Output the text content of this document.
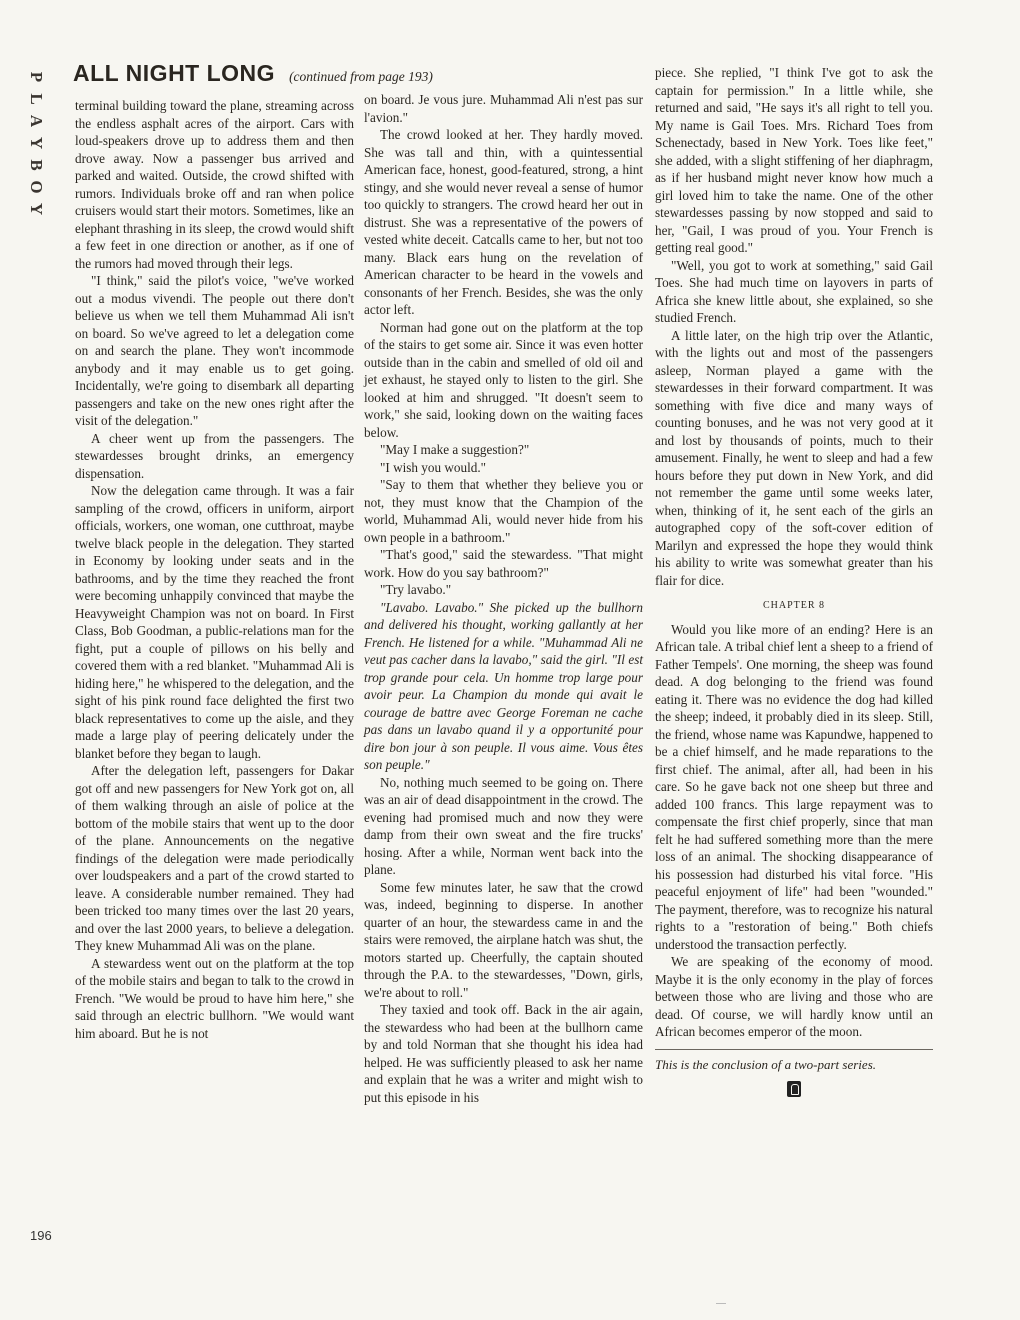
P
L
A
Y
B
O
Y
ALL NIGHT LONG (continued from page 193)

terminal building toward the plane, streaming across the endless asphalt acres of the airport. Cars with loud-speakers drove up to address them and then drove away. Now a passenger bus arrived and parked and waited. Outside, the crowd shifted with rumors. Individuals broke off and ran when police cruisers would start their motors. Sometimes, like an elephant thrashing in its sleep, the crowd would shift a few feet in one direction or another, as if one of the rumors had moved through their legs.

"I think," said the pilot's voice, "we've worked out a modus vivendi. The people out there don't believe us when we tell them Muhammad Ali isn't on board. So we've agreed to let a delegation come on and search the plane. They won't incommode anybody and it may enable us to get going. Incidentally, we're going to disembark all departing passengers and take on the new ones right after the visit of the delegation."

A cheer went up from the passengers. The stewardesses brought drinks, an emergency dispensation.

Now the delegation came through. It was a fair sampling of the crowd, officers in uniform, airport officials, workers, one woman, one cutthroat, maybe twelve black people in the delegation. They started in Economy by looking under seats and in the bathrooms, and by the time they reached the front were becoming unhappily convinced that maybe the Heavyweight Champion was not on board. In First Class, Bob Goodman, a public-relations man for the fight, put a couple of pillows on his belly and covered them with a red blanket. "Muhammad Ali is hiding here," he whispered to the delegation, and the sight of his pink round face delighted the first two black representatives to come up the aisle, and they made a large play of peering delicately under the blanket before they began to laugh.

After the delegation left, passengers for Dakar got off and new passengers for New York got on, all of them walking through an aisle of police at the bottom of the mobile stairs that went up to the door of the plane. Announcements on the negative findings of the delegation were made periodically over loudspeakers and a part of the crowd started to leave. A considerable number remained. They had been tricked too many times over the last 20 years, and over the last 2000 years, to believe a delegation. They knew Muhammad Ali was on the plane.

A stewardess went out on the platform at the top of the mobile stairs and began to talk to the crowd in French. "We would be proud to have him here," she said through an electric bullhorn. "We would want him aboard. But he is not

on board. Je vous jure. Muhammad Ali n'est pas sur l'avion."

The crowd looked at her. They hardly moved. She was tall and thin, with a quintessential American face, honest, good-featured, strong, a hint stingy, and she would never reveal a sense of humor too quickly to strangers. The crowd heard her out in distrust. She was a representative of the powers of vested white deceit. Catcalls came to her, but not too many. Black ears hung on the revelation of American character to be heard in the vowels and consonants of her French. Besides, she was the only actor left.

Norman had gone out on the platform at the top of the stairs to get some air. Since it was even hotter outside than in the cabin and smelled of old oil and jet exhaust, he stayed only to listen to the girl. She looked at him and shrugged. "It doesn't seem to work," she said, looking down on the waiting faces below.

"May I make a suggestion?"

"I wish you would."

"Say to them that whether they believe you or not, they must know that the Champion of the world, Muhammad Ali, would never hide from his own people in a bathroom."

"That's good," said the stewardess. "That might work. How do you say bathroom?"

"Try lavabo."

"Lavabo. Lavabo." She picked up the bullhorn and delivered his thought, working gallantly at her French. He listened for a while. "Muhammad Ali ne veut pas cacher dans la lavabo," said the girl. "Il est trop grande pour cela. Un homme trop large pour avoir peur. La Champion du monde qui avait le courage de battre avec George Foreman ne cache pas dans un lavabo quand il y a opportunité pour dire bon jour à son peuple. Il vous aime. Vous êtes son peuple."

No, nothing much seemed to be going on. There was an air of dead disappointment in the crowd. The evening had promised much and now they were damp from their own sweat and the fire trucks' hosing. After a while, Norman went back into the plane.

Some few minutes later, he saw that the crowd was, indeed, beginning to disperse. In another quarter of an hour, the stewardess came in and the stairs were removed, the airplane hatch was shut, the motors started up. Cheerfully, the captain shouted through the P.A. to the stewardesses, "Down, girls, we're about to roll."

They taxied and took off. Back in the air again, the stewardess who had been at the bullhorn came by and told Norman that she thought his idea had helped. He was sufficiently pleased to ask her name and explain that he was a writer and might wish to put this episode in his

piece. She replied, "I think I've got to ask the captain for permission." In a little while, she returned and said, "He says it's all right to tell you. My name is Gail Toes. Mrs. Richard Toes from Schenectady, based in New York. Toes like feet," she added, with a slight stiffening of her diaphragm, as if her husband might never know how much a girl loved him to take the name. One of the other stewardesses passing by now stopped and said to her, "Gail, I was proud of you. Your French is getting real good."

"Well, you got to work at something," said Gail Toes. She had much time on layovers in parts of Africa she knew little about, she explained, so she studied French.

A little later, on the high trip over the Atlantic, with the lights out and most of the passengers asleep, Norman played a game with the stewardesses in their forward compartment. It was something with five dice and many ways of counting bonuses, and he was not very good at it and lost by thousands of points, much to their amusement. Finally, he went to sleep and had a few hours before they put down in New York, and did not remember the game until some weeks later, when, thinking of it, he sent each of the girls an autographed copy of the soft-cover edition of Marilyn and expressed the hope they would think his ability to write was somewhat greater than his flair for dice.

CHAPTER 8

Would you like more of an ending? Here is an African tale. A tribal chief lent a sheep to a friend of Father Tempels'. One morning, the sheep was found dead. A dog belonging to the friend was found eating it. There was no evidence the dog had killed the sheep; indeed, it probably died in its sleep. Still, the friend, whose name was Kapundwe, happened to be a chief himself, and he made reparations to the first chief. The animal, after all, had been in his care. So he gave back not one sheep but three and added 100 francs. This large repayment was to compensate the first chief properly, since that man felt he had suffered something more than the mere loss of an animal. The shocking disappearance of his possession had disturbed his vital force. "His peaceful enjoyment of life" had been "wounded." The payment, therefore, was to recognize his natural rights to a "restoration of being." Both chiefs understood the transaction perfectly.

We are speaking of the economy of mood. Maybe it is the only economy in the play of forces between those who are living and those who are dead. Of course, we will hardly know until an African becomes emperor of the moon.

This is the conclusion of a two-part series.

196
